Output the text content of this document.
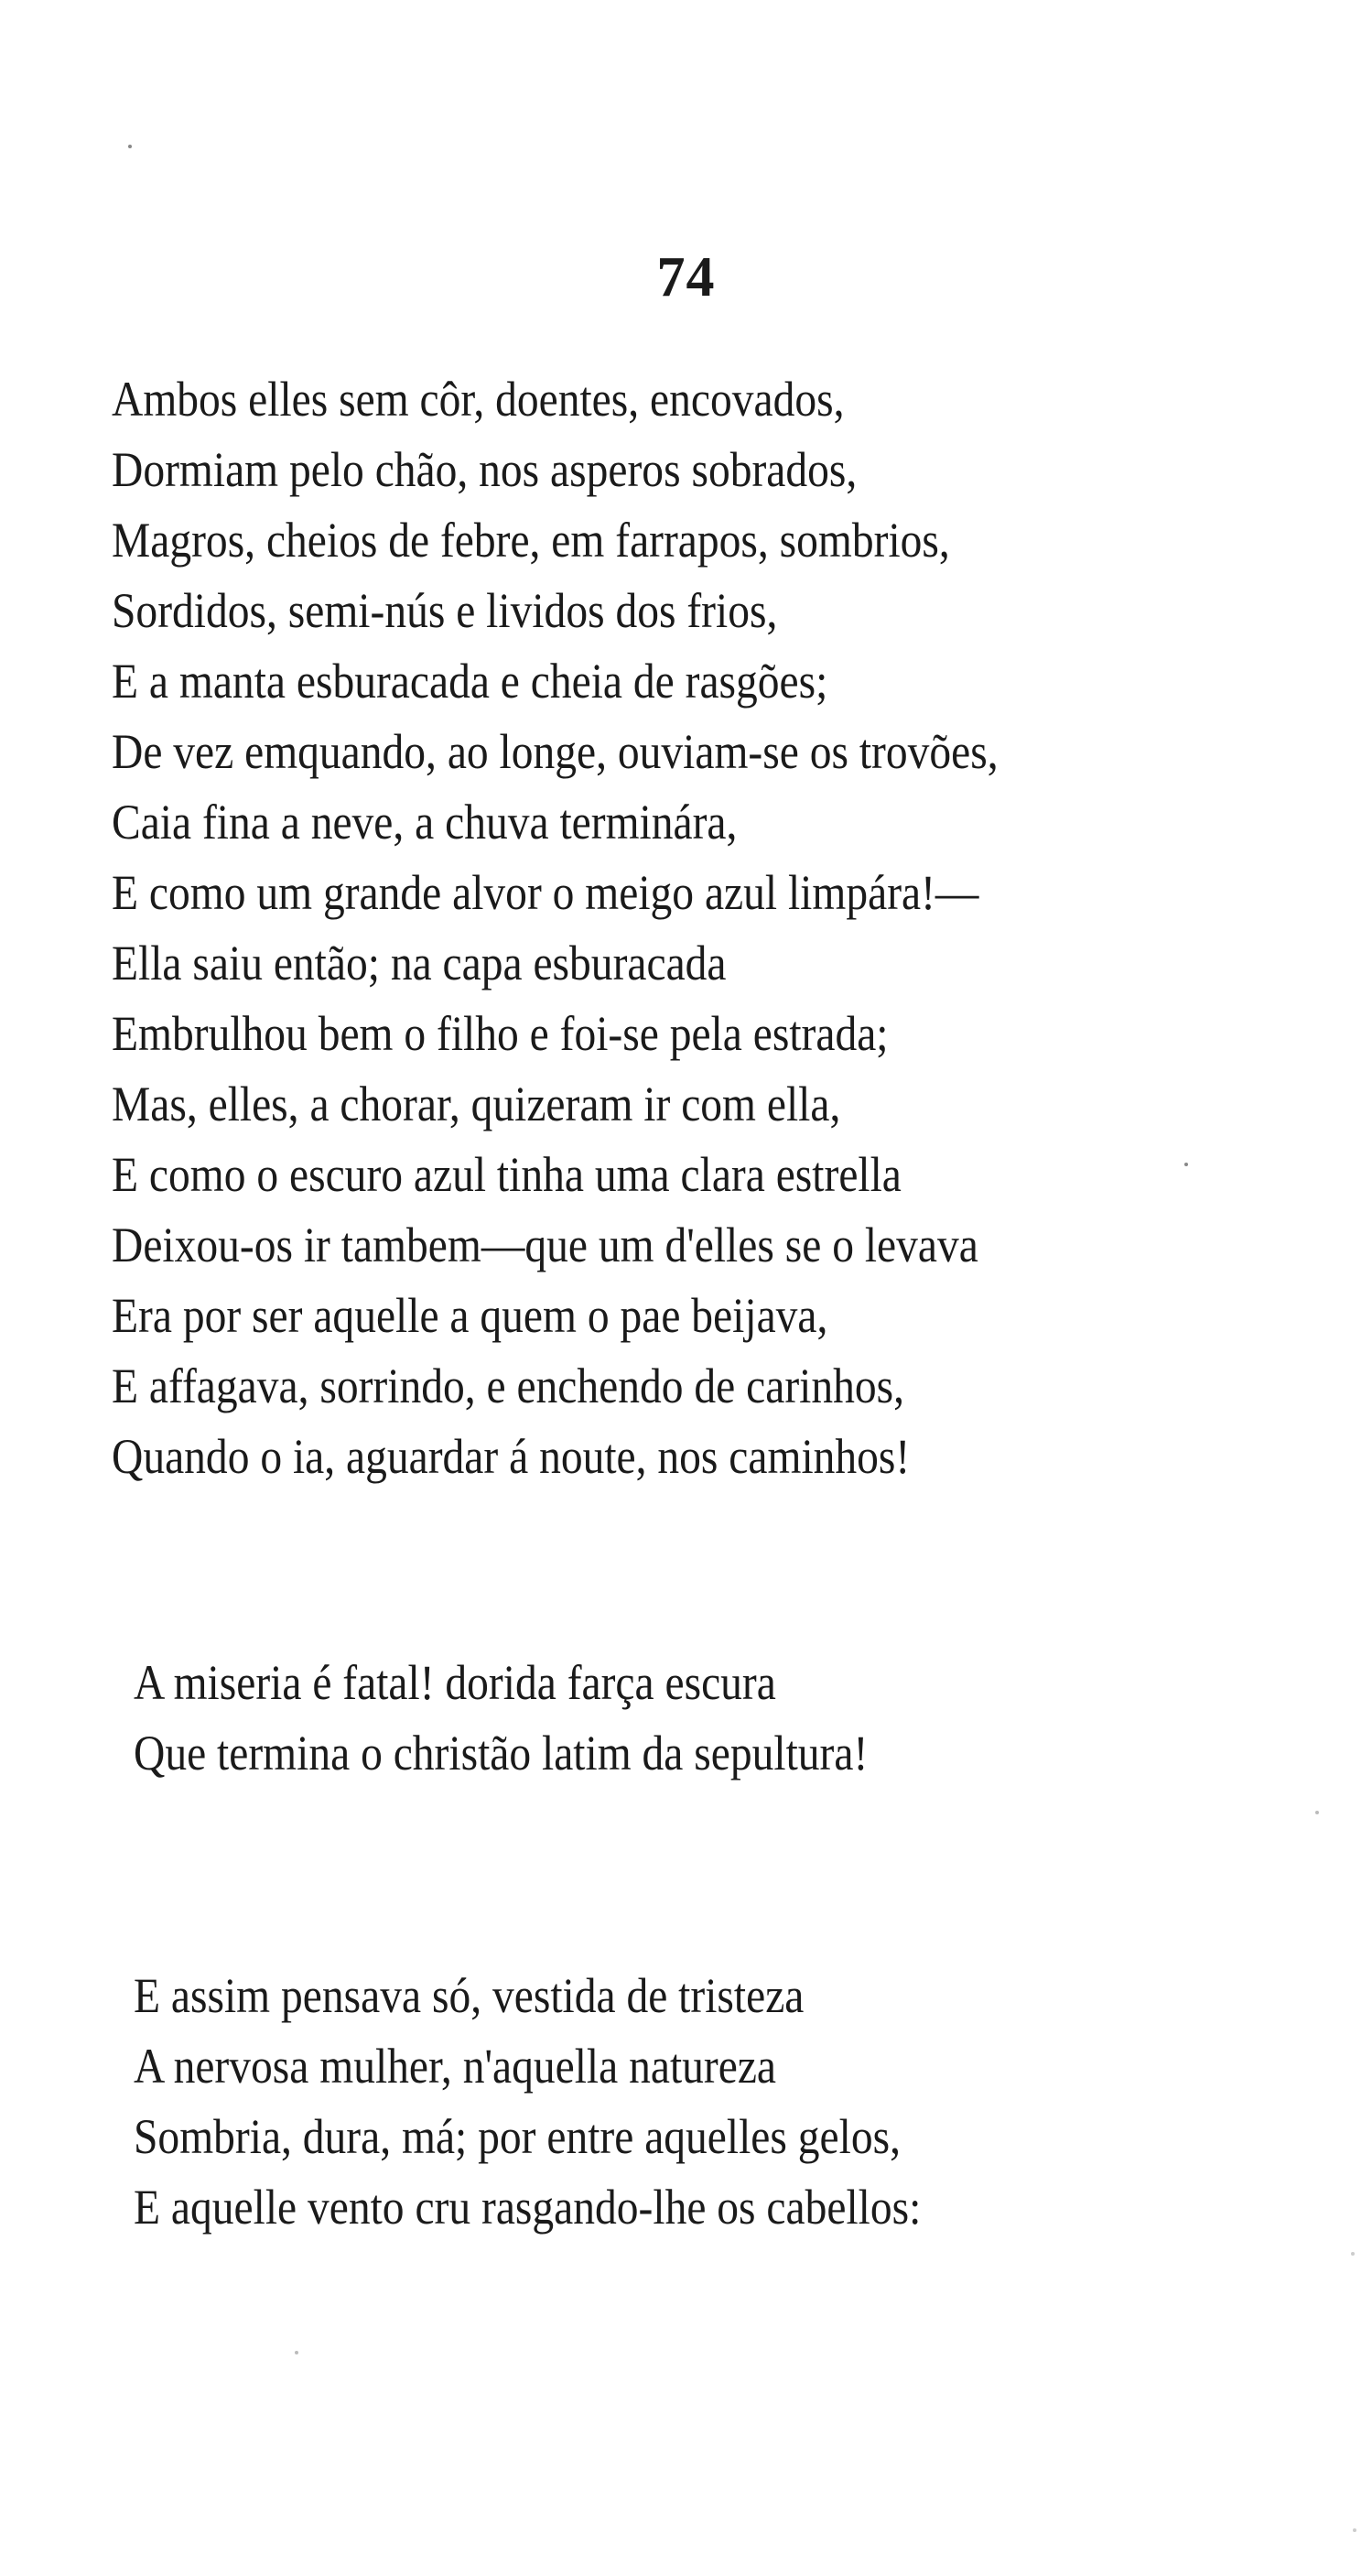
74
Ambos elles sem côr, doentes, encovados,
Dormiam pelo chão, nos asperos sobrados,
Magros, cheios de febre, em farrapos, sombrios,
Sordidos, semi-nús e lividos dos frios,
E a manta esburacada e cheia de rasgões;
De vez emquando, ao longe, ouviam-se os trovões,
Caia fina a neve, a chuva terminára,
E como um grande alvor o meigo azul limpára!—
Ella saiu então; na capa esburacada
Embrulhou bem o filho e foi-se pela estrada;
Mas, elles, a chorar, quizeram ir com ella,
E como o escuro azul tinha uma clara estrella
Deixou-os ir tambem—que um d'elles se o levava
Era por ser aquelle a quem o pae beijava,
E affagava, sorrindo, e enchendo de carinhos,
Quando o ia, aguardar á noute, nos caminhos!
A miseria é fatal! dorida farça escura
Que termina o christão latim da sepultura!
E assim pensava só, vestida de tristeza
A nervosa mulher, n'aquella natureza
Sombria, dura, má; por entre aquelles gelos,
E aquelle vento cru rasgando-lhe os cabellos:
